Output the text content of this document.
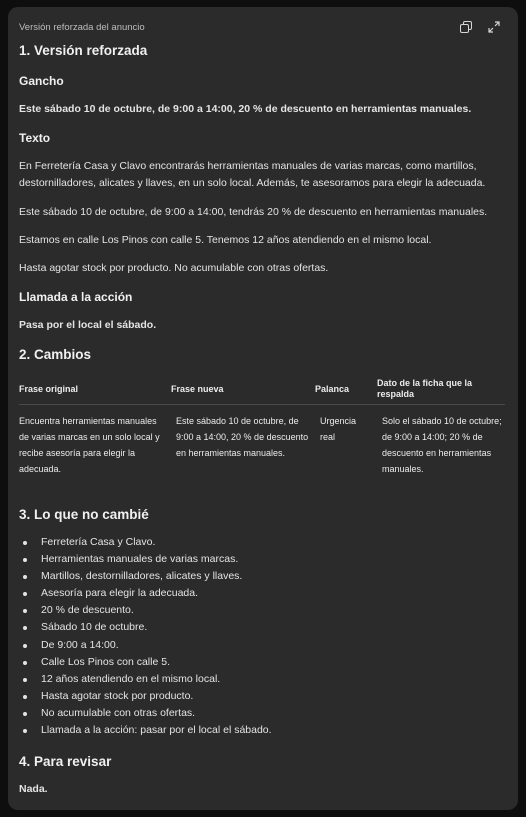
Versión reforzada del anuncio
1. Versión reforzada
Gancho

Este sábado 10 de octubre, de 9:00 a 14:00, 20 % de descuento en herramientas manuales.

Texto

En Ferretería Casa y Clavo encontrarás herramientas manuales de varias marcas, como martillos, destornilladores, alicates y llaves, en un solo local. Además, te asesoramos para elegir la adecuada.

Este sábado 10 de octubre, de 9:00 a 14:00, tendrás 20 % de descuento en herramientas manuales.

Estamos en calle Los Pinos con calle 5. Tenemos 12 años atendiendo en el mismo local.

Hasta agotar stock por producto. No acumulable con otras ofertas.

Llamada a la acción

Pasa por el local el sábado.

2. Cambios
Frase original	Frase nueva	Palanca
Dato de la ficha que la respalda
Encuentra herramientas manuales de varias marcas en un solo local y recibe asesoría para elegir la adecuada.
Este sábado 10 de octubre, de 9:00 a 14:00, 20 % de descuento en herramientas manuales.
Urgencia real
Solo el sábado 10 de octubre; de 9:00 a 14:00; 20 % de descuento en herramientas manuales.
3. Lo que no cambié
Ferretería Casa y Clavo.
Herramientas manuales de varias marcas.
Martillos, destornilladores, alicates y llaves.
Asesoría para elegir la adecuada.
20 % de descuento.
Sábado 10 de octubre.
De 9:00 a 14:00.
Calle Los Pinos con calle 5.
12 años atendiendo en el mismo local.
Hasta agotar stock por producto.
No acumulable con otras ofertas.
Llamada a la acción: pasar por el local el sábado.
4. Para revisar

Nada.
